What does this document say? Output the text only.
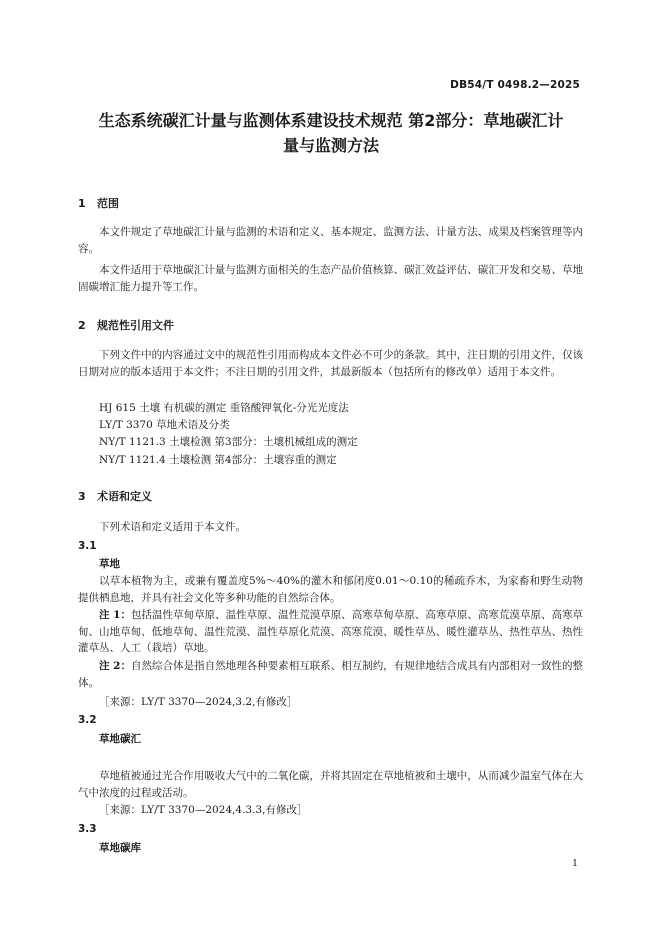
DB54/T 0498.2—2025
生态系统碳汇计量与监测体系建设技术规范 第2部分：草地碳汇计
量与监测方法
1 范围
本文件规定了草地碳汇计量与监测的术语和定义、基本规定、监测方法、计量方法、成果及档案管理等内容。
本文件适用于草地碳汇计量与监测方面相关的生态产品价值核算、碳汇效益评估、碳汇开发和交易、草地固碳增汇能力提升等工作。
2 规范性引用文件
下列文件中的内容通过文中的规范性引用而构成本文件必不可少的条款。其中，注日期的引用文件，仅该日期对应的版本适用于本文件；不注日期的引用文件，其最新版本（包括所有的修改单）适用于本文件。
HJ 615 土壤 有机碳的测定 重铬酸钾氧化-分光光度法
LY/T 3370 草地术语及分类
NY/T 1121.3 土壤检测 第3部分：土壤机械组成的测定
NY/T 1121.4 土壤检测 第4部分：土壤容重的测定
3 术语和定义
下列术语和定义适用于本文件。
3.1
草地
以草本植物为主，或兼有覆盖度5%～40%的灌木和郁闭度0.01～0.10的稀疏乔木，为家畜和野生动物提供栖息地，并具有社会文化等多种功能的自然综合体。
注 1：包括温性草甸草原、温性草原、温性荒漠草原、高寒草甸草原、高寒草原、高寒荒漠草原、高寒草甸、山地草甸、低地草甸、温性荒漠、温性草原化荒漠、高寒荒漠、暖性草丛、暖性灌草丛、热性草丛、热性灌草丛、人工（栽培）草地。
注 2：自然综合体是指自然地理各种要素相互联系、相互制约，有规律地结合成具有内部相对一致性的整体。
［来源：LY/T 3370—2024,3.2,有修改］
3.2
草地碳汇
草地植被通过光合作用吸收大气中的二氧化碳，并将其固定在草地植被和土壤中，从而减少温室气体在大气中浓度的过程或活动。
［来源：LY/T 3370—2024,4.3.3,有修改］
3.3
草地碳库
1
